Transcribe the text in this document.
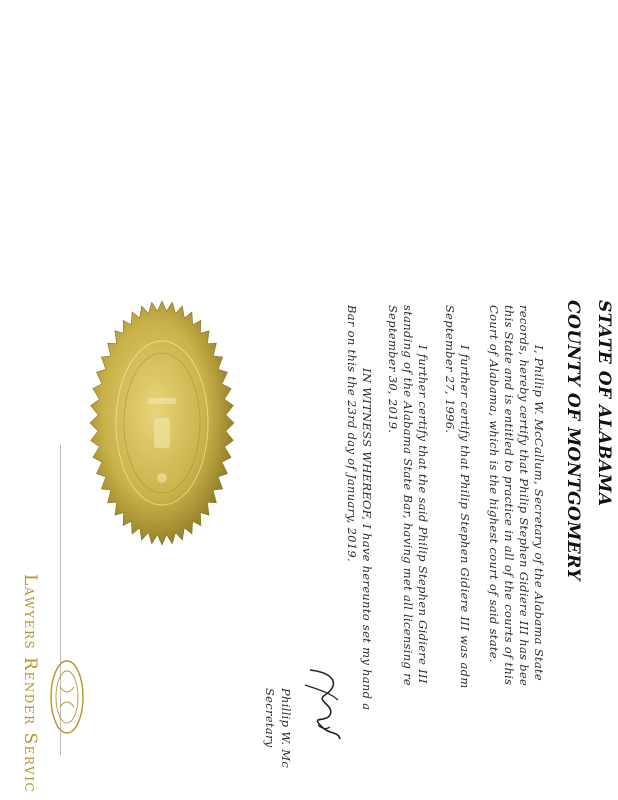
STATE OF ALABAMA
COUNTY OF MONTGOMERY
I, Phillip W. McCallum, Secretary of the Alabama State
records, hereby certify that Philip Stephen Gidiere III has bee
this State and is entitled to practice in all of the courts of this
Court of Alabama, which is the highest court of said state.
I further certify that Philip Stephen Gidiere III was adm
September 27, 1996.
I further certify that the said Philip Stephen Gidiere III
standing of the Alabama State Bar, having met all licensing re
September 30, 2019.
IN WITNESS WHEREOF, I have hereunto set my hand a
Bar on this the 23rd day of January, 2019.
Phillip W. Mc
Secretary
Lawyers Render Servic
